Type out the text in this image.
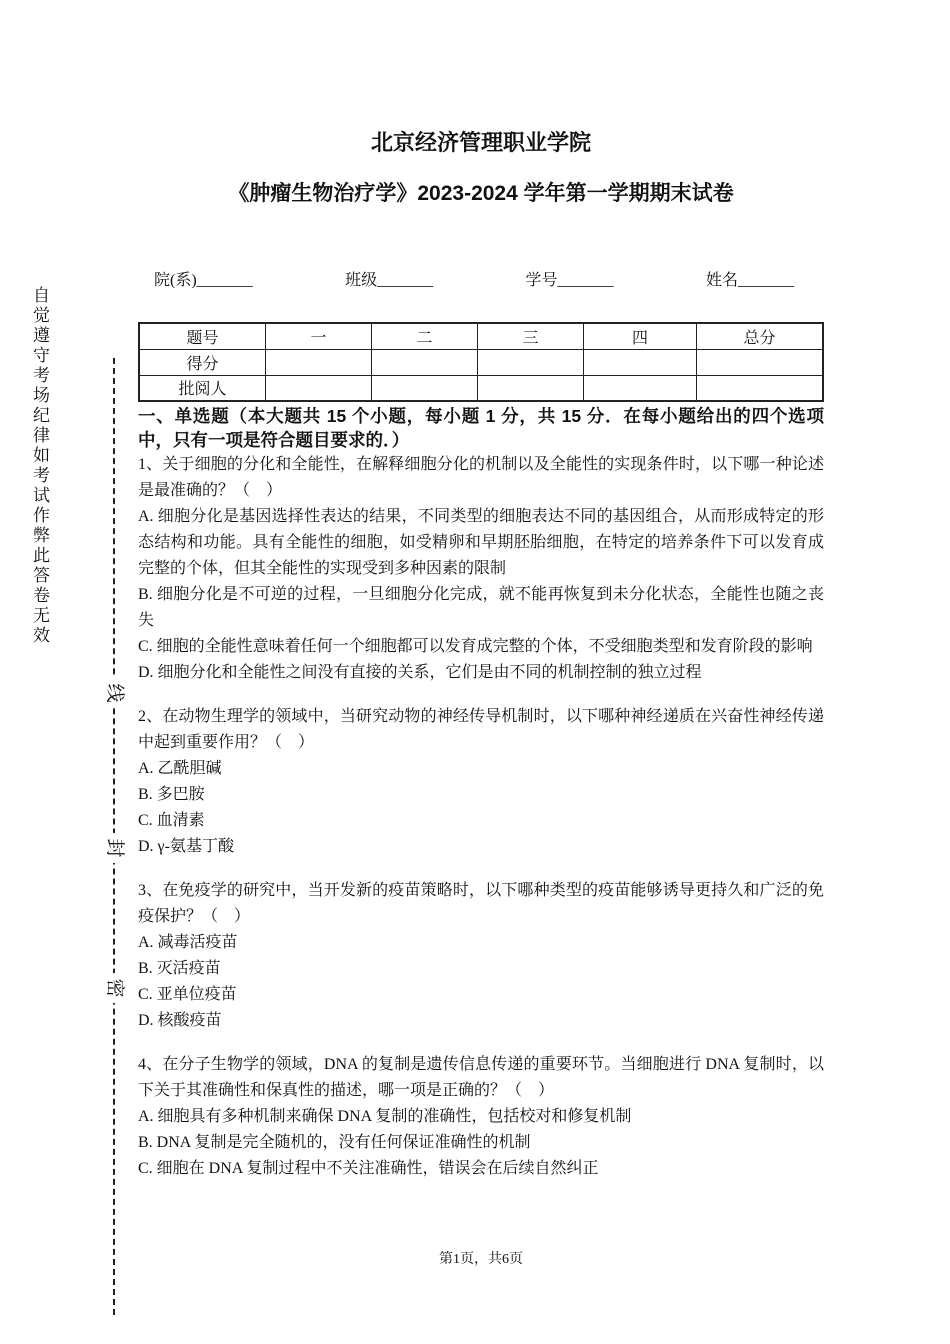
自觉遵守考场纪律如考试作弊此答卷无效
线
封
密
北京经济管理职业学院
《肿瘤生物治疗学》2023-2024 学年第一学期期末试卷
院(系)_______	班级_______	学号_______	姓名_______
题号	一	二	三	四	总分
得分					
批阅人					
一、单选题（本大题共 15 个小题，每小题 1 分，共 15 分．在每小题给出的四个选项中，只有一项是符合题目要求的．）
1、关于细胞的分化和全能性，在解释细胞分化的机制以及全能性的实现条件时，以下哪一种论述是最准确的？（　）
A. 细胞分化是基因选择性表达的结果，不同类型的细胞表达不同的基因组合，从而形成特定的形态结构和功能。具有全能性的细胞，如受精卵和早期胚胎细胞，在特定的培养条件下可以发育成完整的个体，但其全能性的实现受到多种因素的限制
B. 细胞分化是不可逆的过程，一旦细胞分化完成，就不能再恢复到未分化状态，全能性也随之丧失
C. 细胞的全能性意味着任何一个细胞都可以发育成完整的个体，不受细胞类型和发育阶段的影响
D. 细胞分化和全能性之间没有直接的关系，它们是由不同的机制控制的独立过程
2、在动物生理学的领域中，当研究动物的神经传导机制时，以下哪种神经递质在兴奋性神经传递中起到重要作用？（　）
A. 乙酰胆碱
B. 多巴胺
C. 血清素
D. γ-氨基丁酸
3、在免疫学的研究中，当开发新的疫苗策略时，以下哪种类型的疫苗能够诱导更持久和广泛的免疫保护？（　）
A. 减毒活疫苗
B. 灭活疫苗
C. 亚单位疫苗
D. 核酸疫苗
4、在分子生物学的领域，DNA 的复制是遗传信息传递的重要环节。当细胞进行 DNA 复制时，以下关于其准确性和保真性的描述，哪一项是正确的？（　）
A. 细胞具有多种机制来确保 DNA 复制的准确性，包括校对和修复机制
B. DNA 复制是完全随机的，没有任何保证准确性的机制
C. 细胞在 DNA 复制过程中不关注准确性，错误会在后续自然纠正
第1页，共6页
